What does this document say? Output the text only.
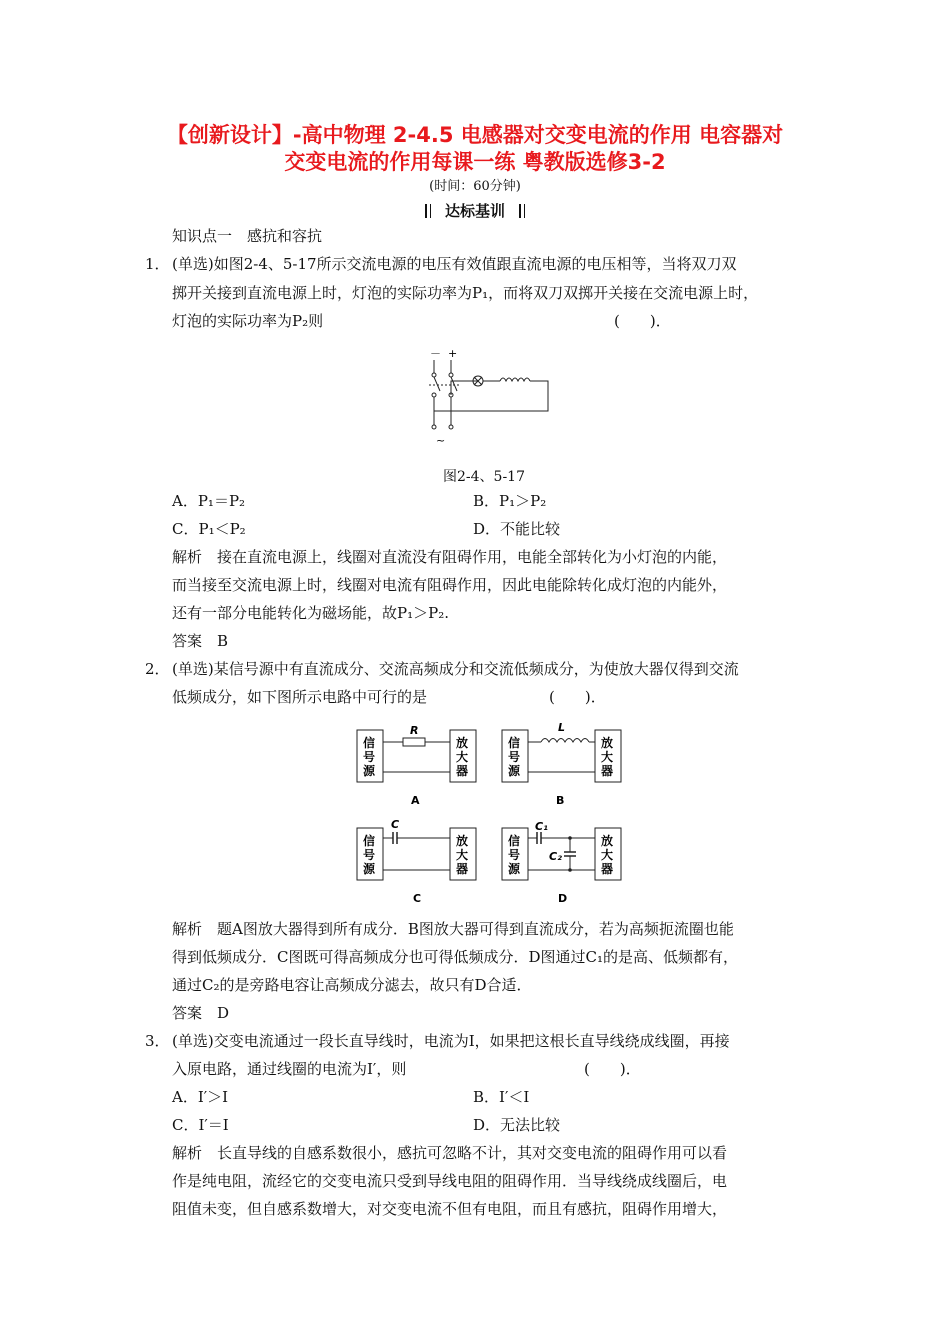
【创新设计】-高中物理 2-4.5 电感器对交变电流的作用 电容器对
交变电流的作用每课一练 粤教版选修3-2
(时间：60分钟)
达标基训
知识点一　感抗和容抗
1． (单选)如图2-4、5-17所示交流电源的电压有效值跟直流电源的电压相等，当将双刀双
掷开关接到直流电源上时，灯泡的实际功率为P₁，而将双刀双掷开关接在交流电源上时，
灯泡的实际功率为P₂则	(　　)．
－ +
~
图2-4、5-17
A．P₁＝P₂	B．P₁＞P₂
C．P₁＜P₂	D．不能比较
解析　接在直流电源上，线圈对直流没有阻碍作用，电能全部转化为小灯泡的内能，
而当接至交流电源上时，线圈对电流有阻碍作用，因此电能除转化成灯泡的内能外，
还有一部分电能转化为磁场能，故P₁＞P₂.
答案　B
2． (单选)某信号源中有直流成分、交流高频成分和交流低频成分，为使放大器仅得到交流
低频成分，如下图所示电路中可行的是	(　　)．
信
号
源
放
大
器
R
A
信
号
源
放
大
器
L
B
信
号
源
放
大
器
C
C
信
号
源
放
大
器
C₁
C₂
D
解析　题A图放大器得到所有成分．B图放大器可得到直流成分，若为高频扼流圈也能
得到低频成分．C图既可得高频成分也可得低频成分．D图通过C₁的是高、低频都有，
通过C₂的是旁路电容让高频成分滤去，故只有D合适．
答案　D
3． (单选)交变电流通过一段长直导线时，电流为I，如果把这根长直导线绕成线圈，再接
入原电路，通过线圈的电流为I′，则	(　　)．
A．I′＞I	B．I′＜I
C．I′＝I	D．无法比较
解析　长直导线的自感系数很小，感抗可忽略不计，其对交变电流的阻碍作用可以看
作是纯电阻，流经它的交变电流只受到导线电阻的阻碍作用．当导线绕成线圈后，电
阻值未变，但自感系数增大，对交变电流不但有电阻，而且有感抗，阻碍作用增大，
